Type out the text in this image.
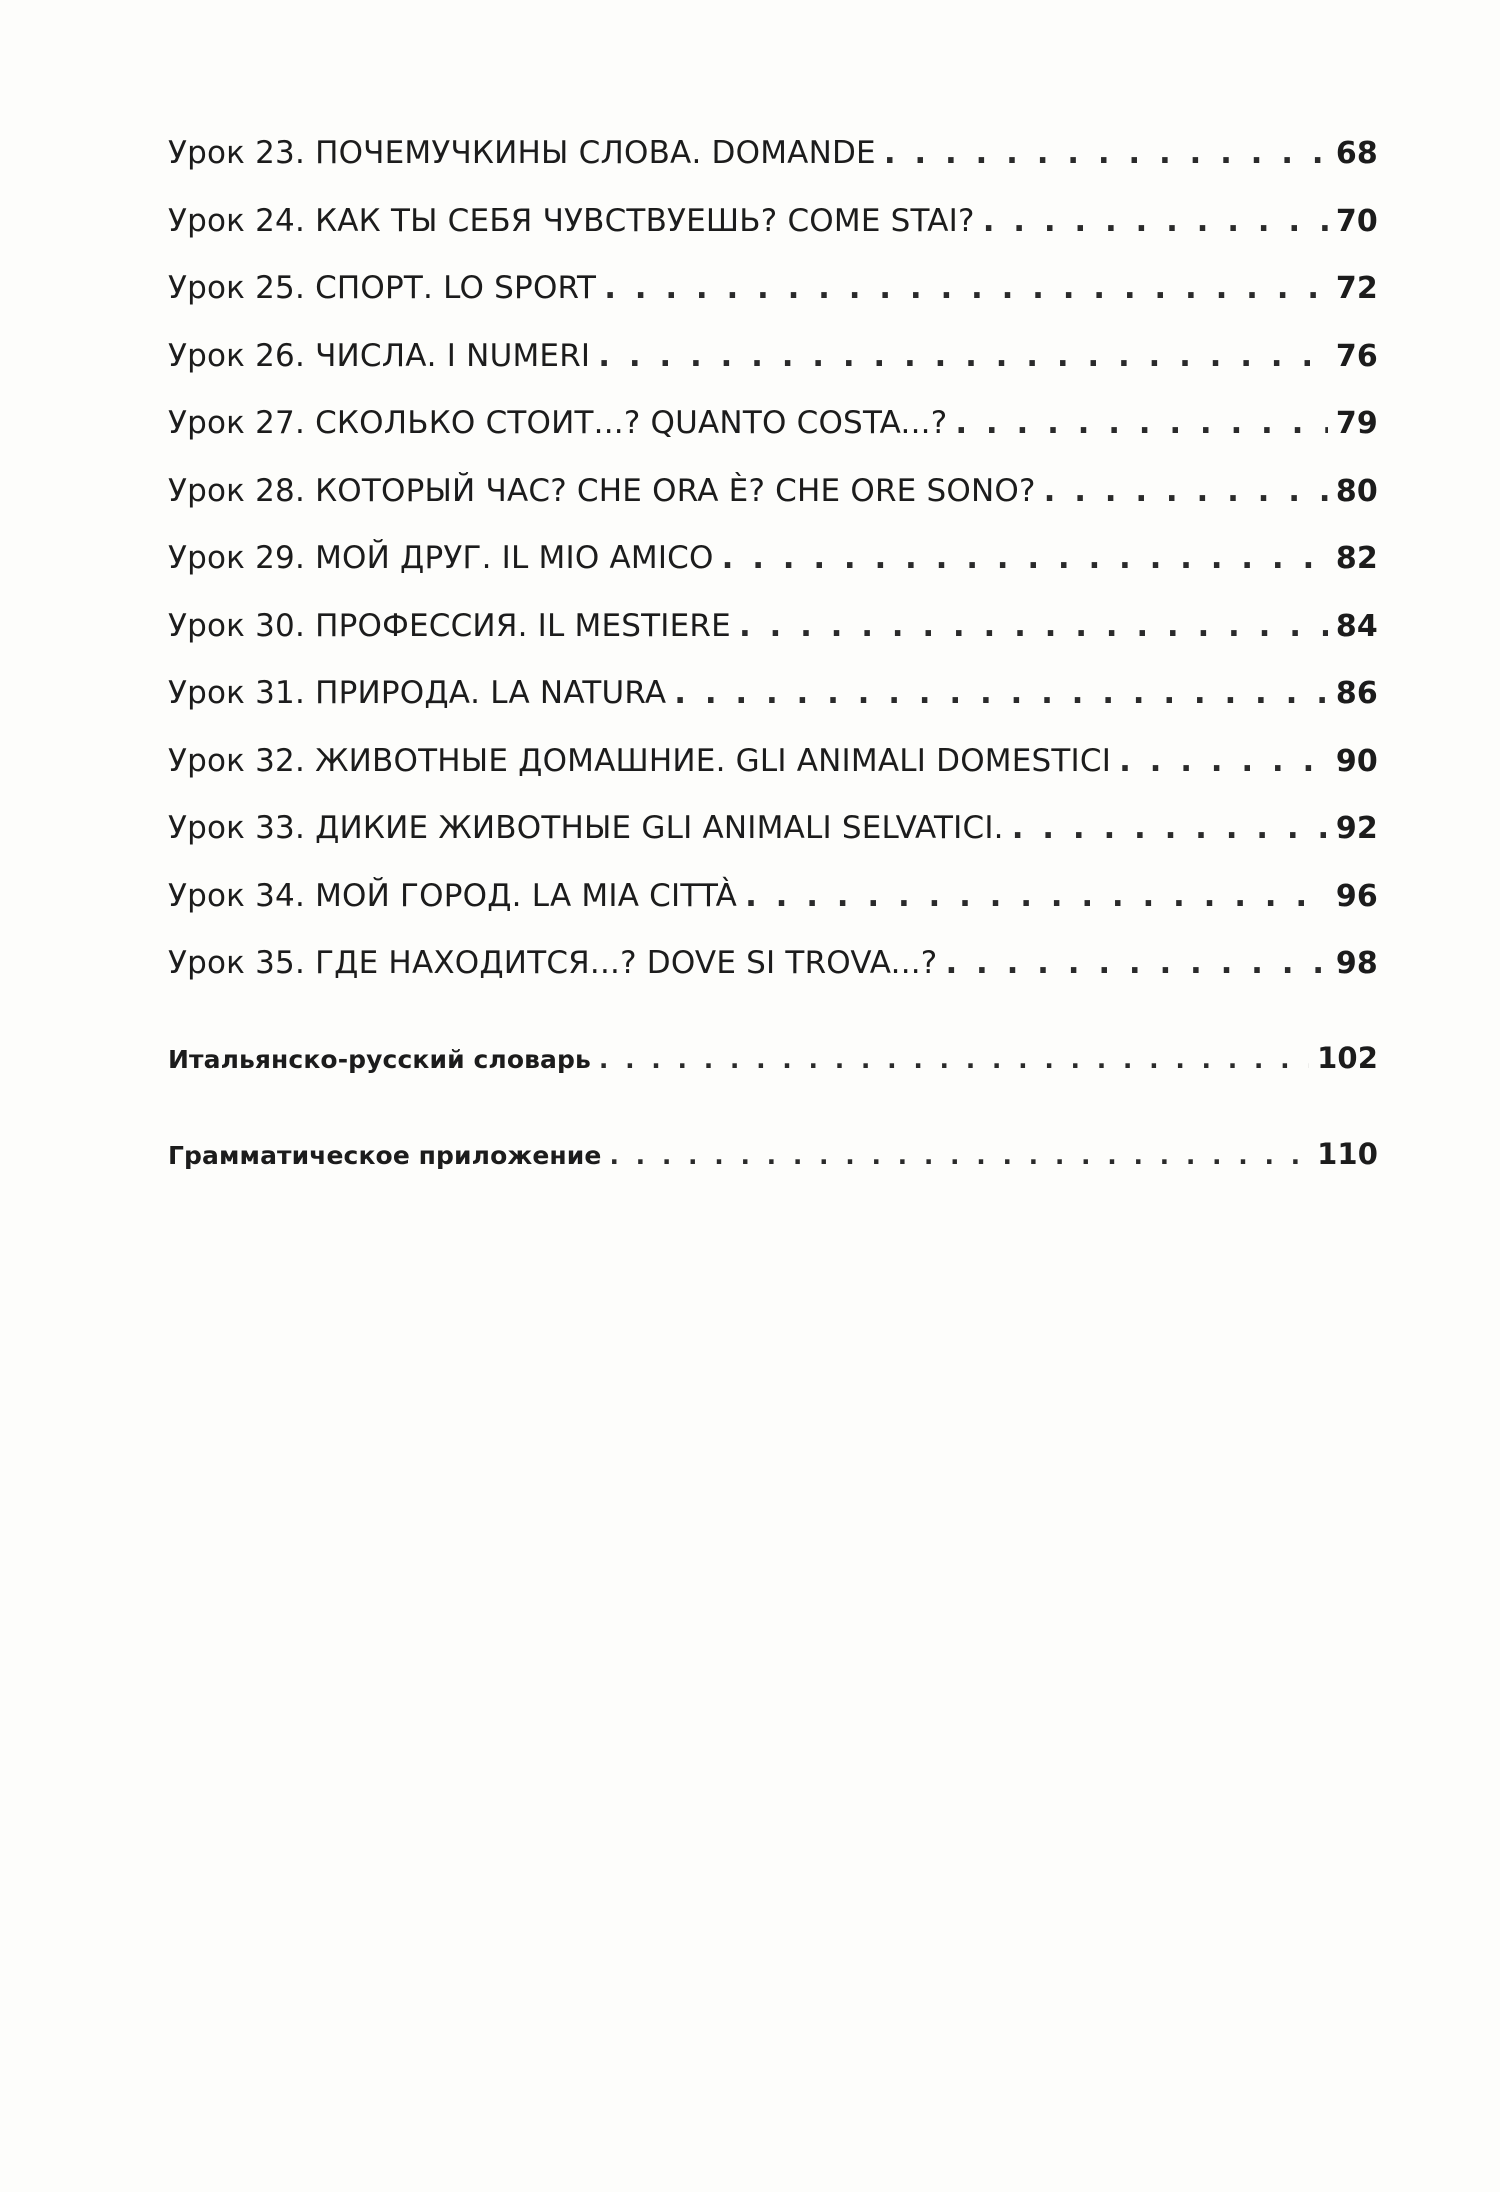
Урок 23. ПОЧЕМУЧКИНЫ СЛОВА. DOMANDE . . .	68
Урок 24. КАК ТЫ СЕБЯ ЧУВСТВУЕШЬ? COME STAI? . . .	70
Урок 25. СПОРТ. LO SPORT . . .	72
Урок 26. ЧИСЛА. I NUMERI . . .	76
Урок 27. СКОЛЬКО СТОИТ...? QUANTO COSTA...? . . .	79
Урок 28. КОТОРЫЙ ЧАС? CHE ORA È? CHE ORE SONO? . . .	80
Урок 29. МОЙ ДРУГ. IL MIO AMICO . . .	82
Урок 30. ПРОФЕССИЯ. IL MESTIERE . . .	84
Урок 31. ПРИРОДА. LA NATURA . . .	86
Урок 32. ЖИВОТНЫЕ ДОМАШНИЕ. GLI ANIMALI DOMESTICI . . .	90
Урок 33. ДИКИЕ ЖИВОТНЫЕ GLI ANIMALI SELVATICI. . . .	92
Урок 34. МОЙ ГОРОД. LA MIA CITTÀ . . .	96
Урок 35. ГДЕ НАХОДИТСЯ...? DOVE SI TROVA...? . . .	98
Итальянско-русский словарь . . .	102
Грамматическое приложение . . .	110
